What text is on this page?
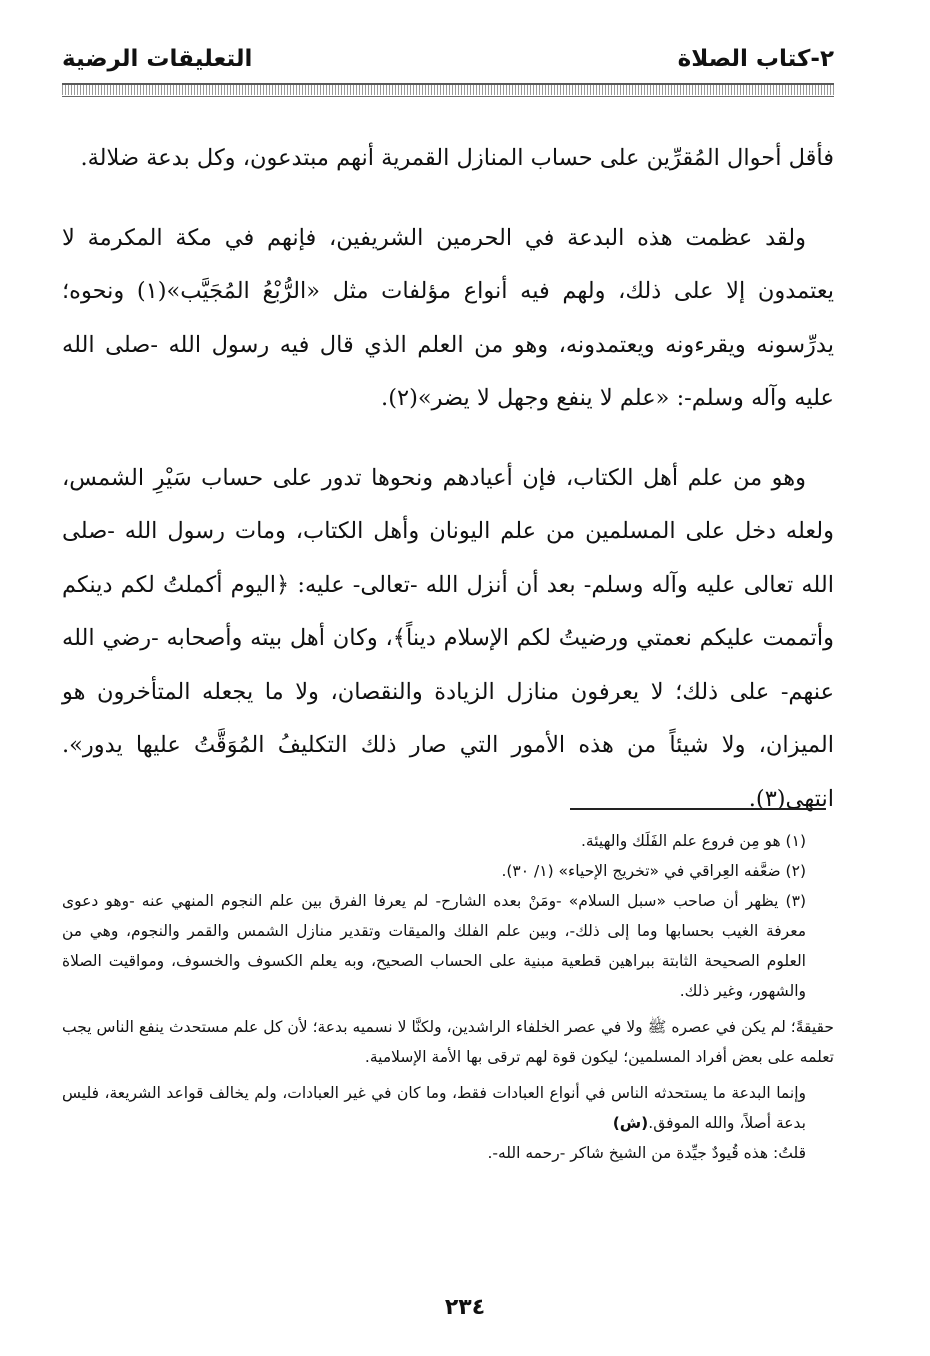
٢-كتاب الصلاة
التعليقات الرضية

فأقل أحوال المُقرِّين على حساب المنازل القمرية أنهم مبتدعون، وكل بدعة ضلالة.

ولقد عظمت هذه البدعة في الحرمين الشريفين، فإنهم في مكة المكرمة لا يعتمدون إلا على ذلك، ولهم فيه أنواع مؤلفات مثل «الرُّبْعُ المُجَيَّب»(١) ونحوه؛ يدرِّسونه ويقرءونه ويعتمدونه، وهو من العلم الذي قال فيه رسول الله -صلى الله عليه وآله وسلم-: «علم لا ينفع وجهل لا يضر»(٢).

وهو من علم أهل الكتاب، فإن أعيادهم ونحوها تدور على حساب سَيْرِ الشمس، ولعله دخل على المسلمين من علم اليونان وأهل الكتاب، ومات رسول الله -صلى الله تعالى عليه وآله وسلم- بعد أن أنزل الله -تعالى- عليه: ﴿اليوم أكملتُ لكم دينكم وأتممت عليكم نعمتي ورضيتُ لكم الإسلام ديناً﴾، وكان أهل بيته وأصحابه -رضي الله عنهم- على ذلك؛ لا يعرفون منازل الزيادة والنقصان، ولا ما يجعله المتأخرون هو الميزان، ولا شيئاً من هذه الأمور التي صار ذلك التكليفُ المُوَقَّتُ عليها يدور». انتهى(٣).

(١) هو مِن فروع علم الفَلَك والهيئة.

(٢) ضعَّفه العِراقي في «تخريج الإحياء» (١/ ٣٠).

(٣) يظهر أن صاحب «سبل السلام» -ومَنْ بعده الشارح- لم يعرفا الفرق بين علم النجوم المنهي عنه -وهو دعوى معرفة الغيب بحسابها وما إلى ذلك-، وبين علم الفلك والميقات وتقدير منازل الشمس والقمر والنجوم، وهي من العلوم الصحيحة الثابتة ببراهين قطعية مبنية على الحساب الصحيح، وبه يعلم الكسوف والخسوف، ومواقيت الصلاة والشهور، وغير ذلك.

حقيقةً؛ لم يكن في عصره ﷺ ولا في عصر الخلفاء الراشدين، ولكنَّا لا نسميه بدعة؛ لأن كل علم مستحدث ينفع الناس يجب تعلمه على بعض أفراد المسلمين؛ ليكون قوة لهم ترقى بها الأمة الإسلامية.

وإنما البدعة ما يستحدثه الناس في أنواع العبادات فقط، وما كان في غير العبادات، ولم يخالف قواعد الشريعة، فليس بدعة أصلاً، والله الموفق.(ش)

قلتُ: هذه قُيودٌ جيِّدة من الشيخ شاكر -رحمه الله-.

٢٣٤
